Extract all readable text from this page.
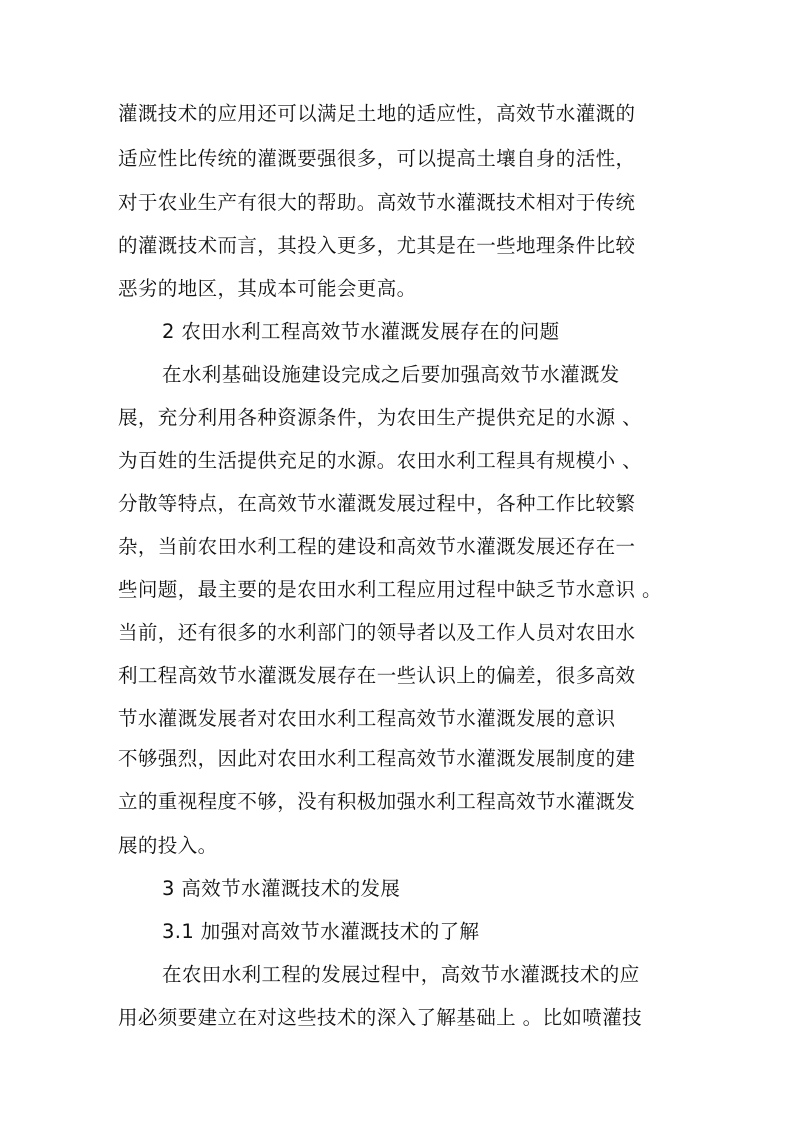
灌溉技术的应用还可以满足土地的适应性，高效节水灌溉的
适应性比传统的灌溉要强很多，可以提高土壤自身的活性，
对于农业生产有很大的帮助。高效节水灌溉技术相对于传统
的灌溉技术而言，其投入更多，尤其是在一些地理条件比较
恶劣的地区，其成本可能会更高。
2 农田水利工程高效节水灌溉发展存在的问题
在水利基础设施建设完成之后要加强高效节水灌溉发
展，充分利用各种资源条件，为农田生产提供充足的水源 、
为百姓的生活提供充足的水源。农田水利工程具有规模小 、
分散等特点，在高效节水灌溉发展过程中，各种工作比较繁
杂，当前农田水利工程的建设和高效节水灌溉发展还存在一
些问题，最主要的是农田水利工程应用过程中缺乏节水意识 。
当前，还有很多的水利部门的领导者以及工作人员对农田水
利工程高效节水灌溉发展存在一些认识上的偏差，很多高效
节水灌溉发展者对农田水利工程高效节水灌溉发展的意识
不够强烈，因此对农田水利工程高效节水灌溉发展制度的建
立的重视程度不够，没有积极加强水利工程高效节水灌溉发
展的投入。
3 高效节水灌溉技术的发展
3.1 加强对高效节水灌溉技术的了解
在农田水利工程的发展过程中，高效节水灌溉技术的应
用必须要建立在对这些技术的深入了解基础上 。比如喷灌技
